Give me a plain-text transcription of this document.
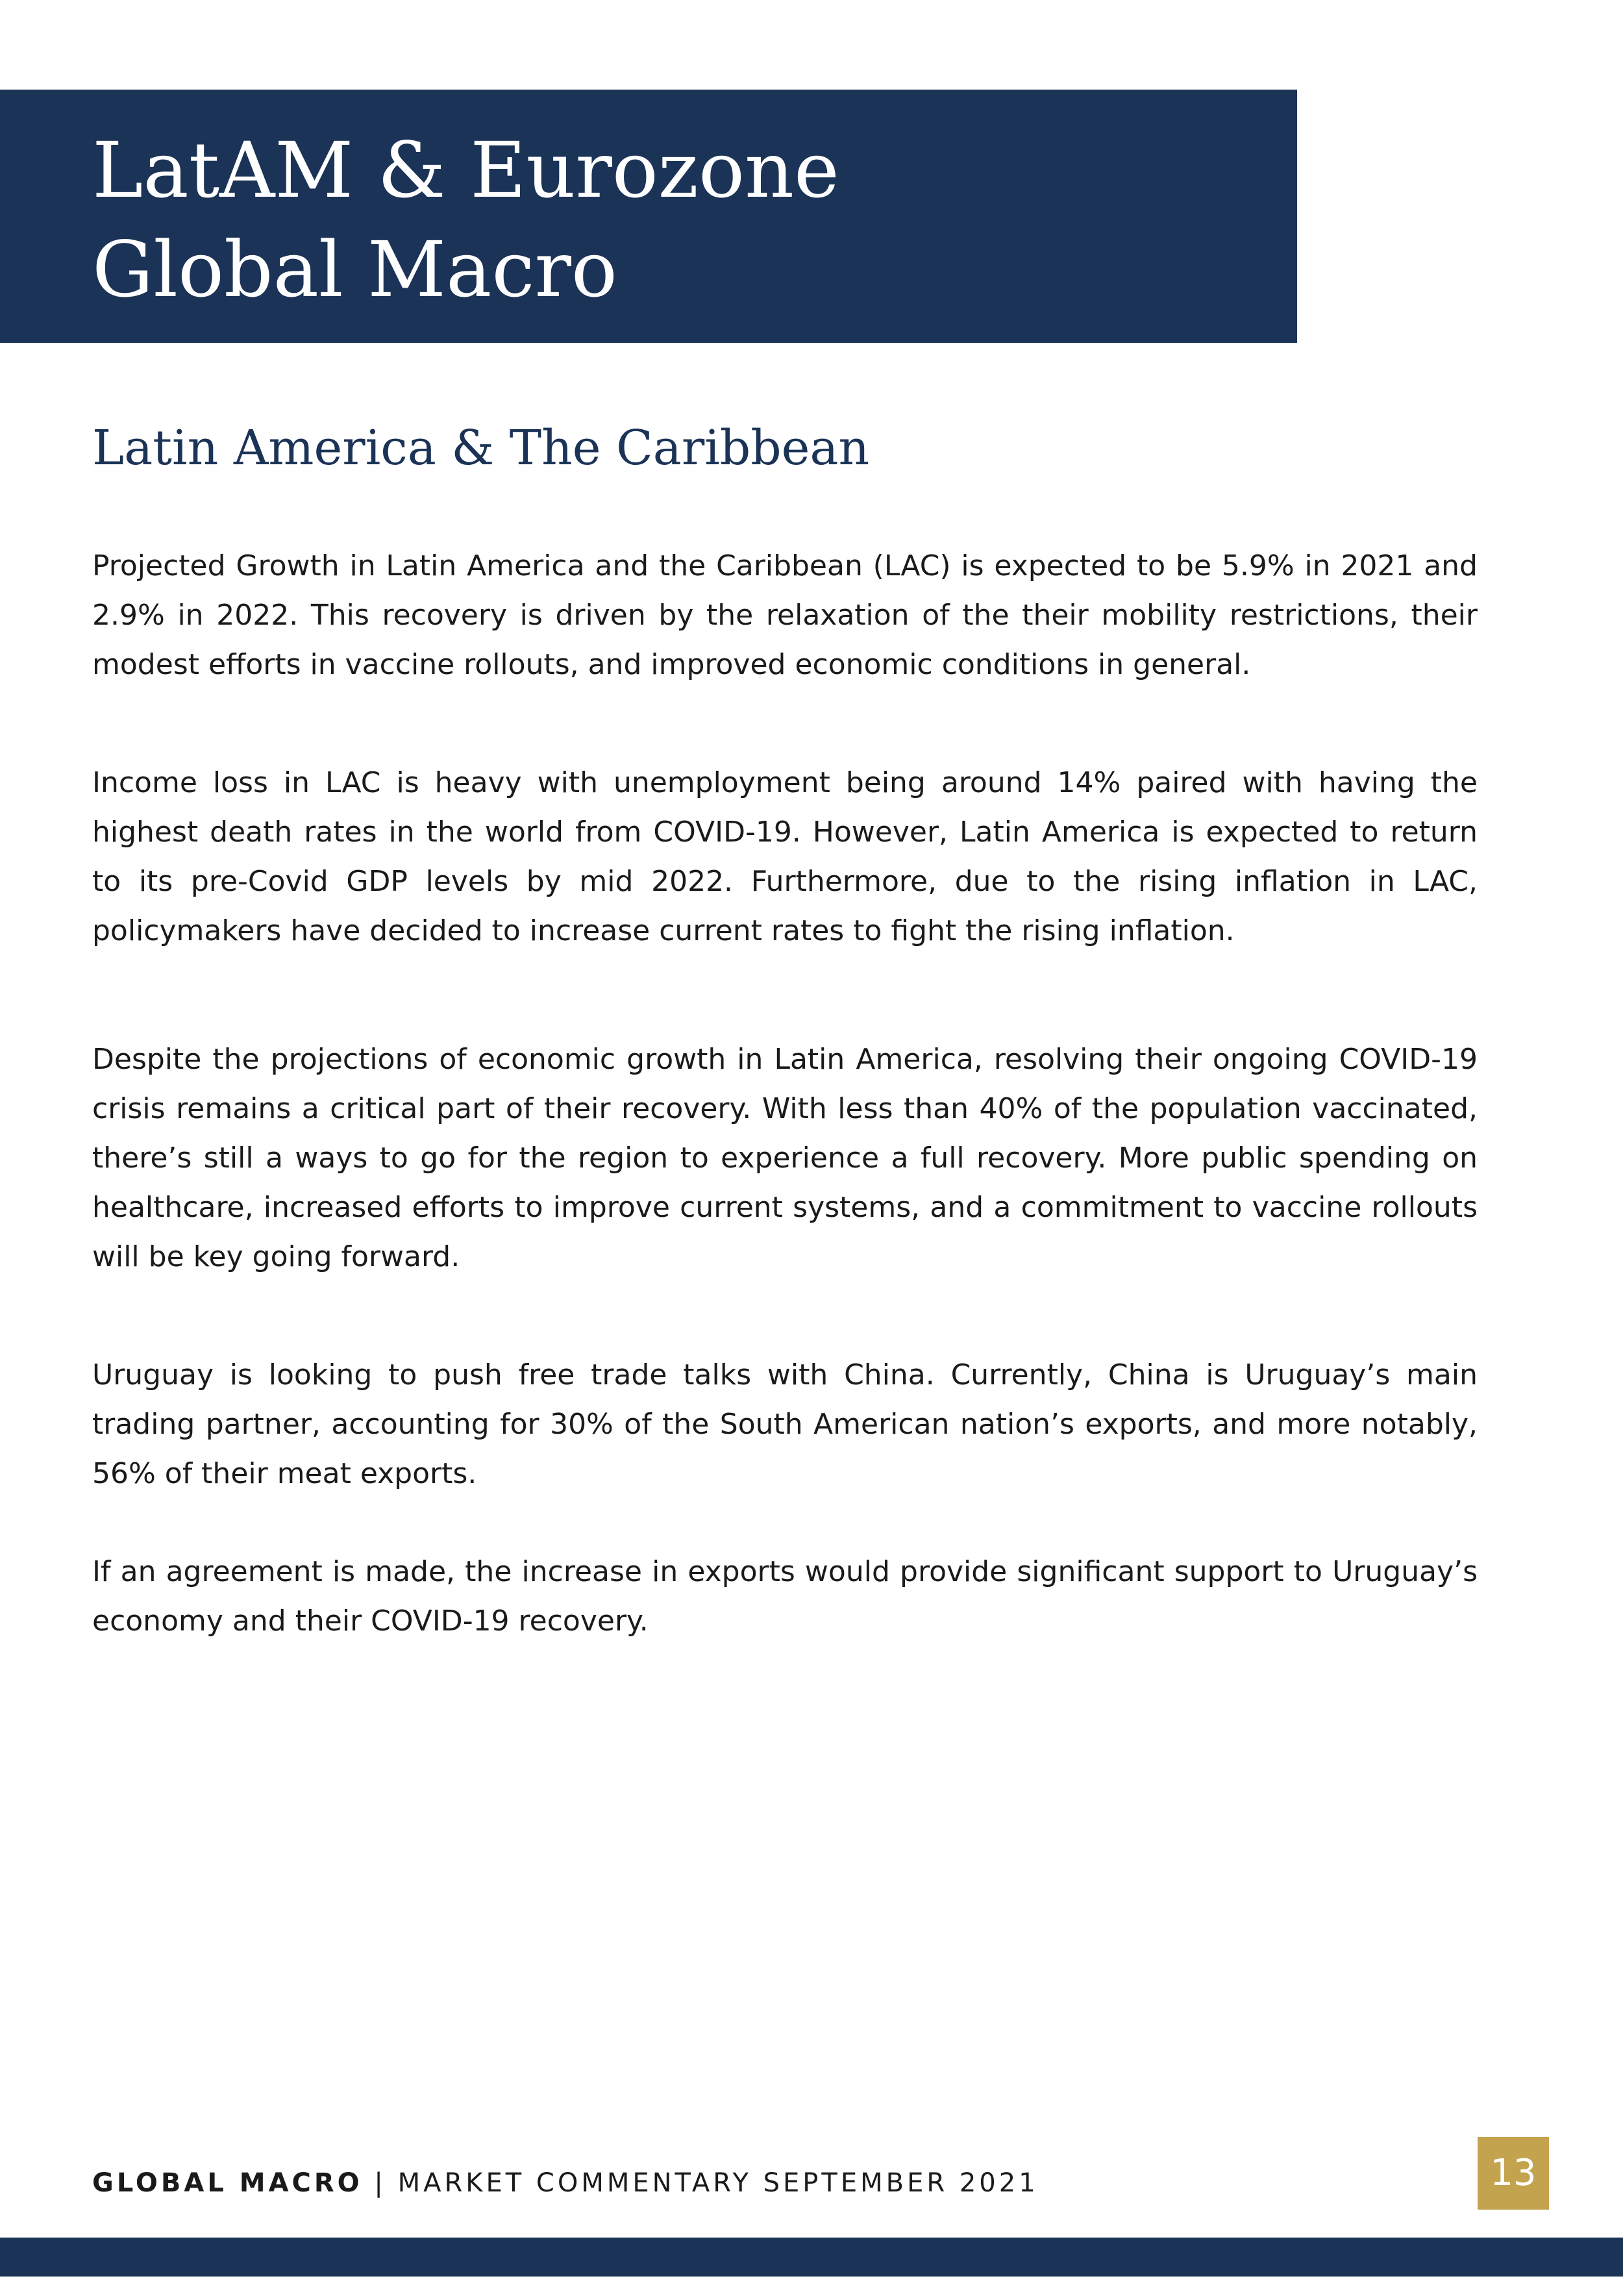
LatAM & Eurozone
Global Macro
Latin America & The Caribbean

Projected Growth in Latin America and the Caribbean (LAC) is expected to be 5.9% in 2021 and 2.9% in 2022. This recovery is driven by the relaxation of the their mobility restrictions, their modest efforts in vaccine rollouts, and improved economic conditions in general.

Income loss in LAC is heavy with unemployment being around 14% paired with having the highest death rates in the world from COVID-19. However, Latin America is expected to return to its pre-Covid GDP levels by mid 2022. Furthermore, due to the rising inflation in LAC, policymakers have decided to increase current rates to fight the rising inflation.

Despite the projections of economic growth in Latin America, resolving their ongoing COVID-19 crisis remains a critical part of their recovery. With less than 40% of the population vaccinated, there’s still a ways to go for the region to experience a full recovery. More public spending on healthcare, increased efforts to improve current systems, and a commitment to vaccine rollouts will be key going forward.

Uruguay is looking to push free trade talks with China. Currently, China is Uruguay’s main trading partner, accounting for 30% of the South American nation’s exports, and more notably, 56% of their meat exports.

If an agreement is made, the increase in exports would provide significant support to Uruguay’s economy and their COVID-19 recovery.

GLOBAL MACRO | MARKET COMMENTARY SEPTEMBER 2021	13
